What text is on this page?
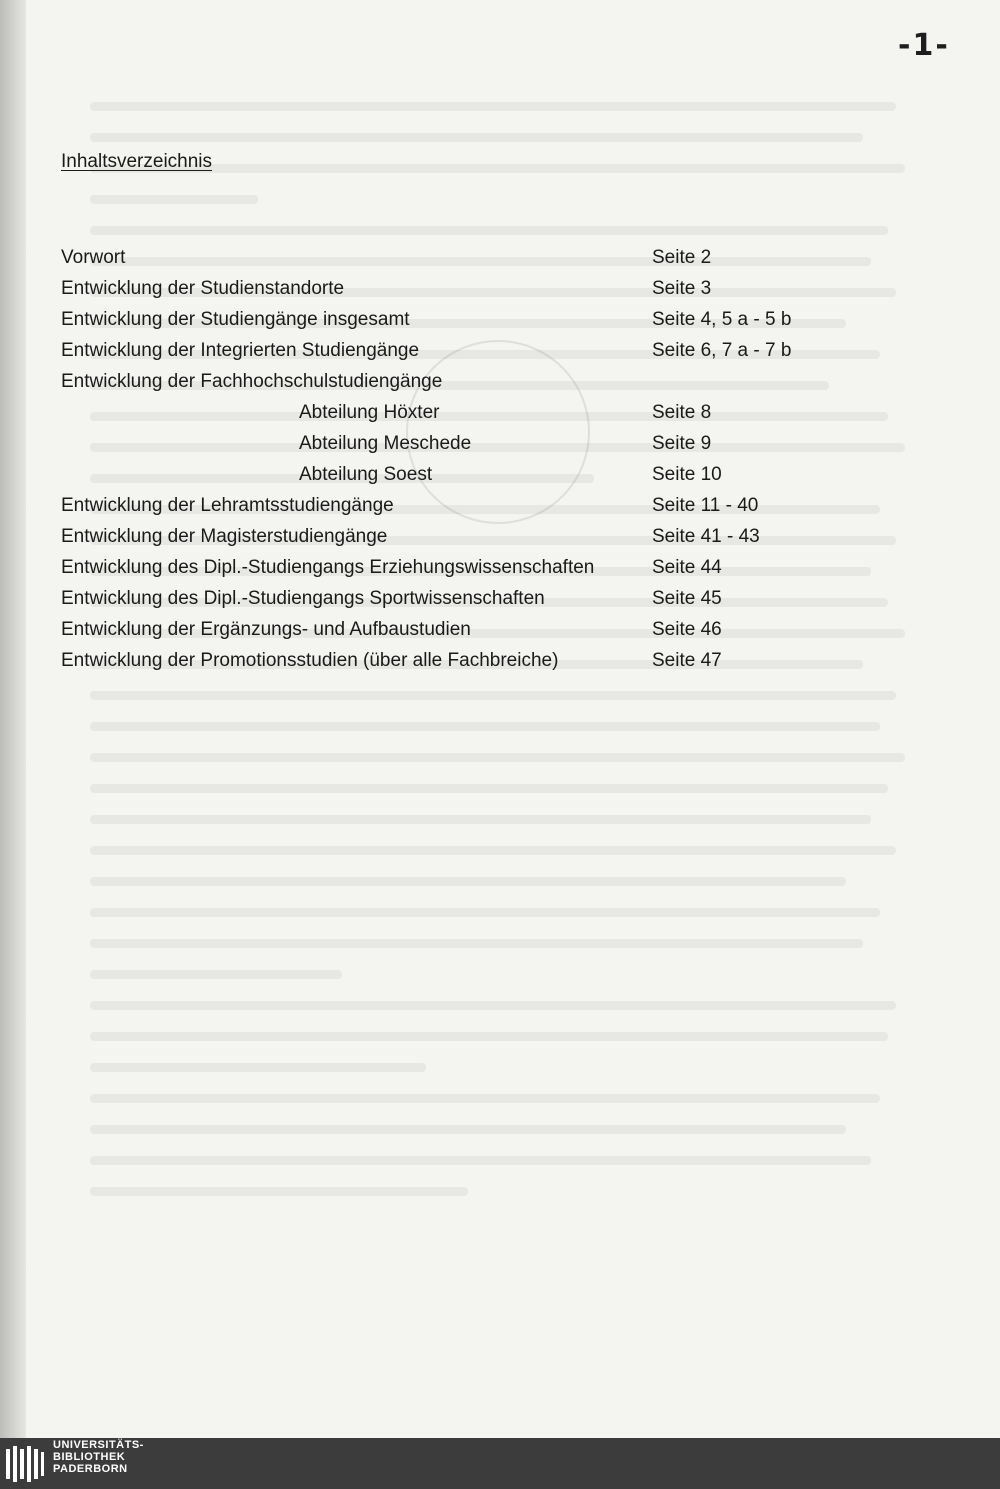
-1-
Inhaltsverzeichnis
Vorwort	Seite 2
Entwicklung der Studienstandorte	Seite 3
Entwicklung der Studiengänge insgesamt	Seite 4, 5 a - 5 b
Entwicklung der Integrierten Studiengänge	Seite 6, 7 a - 7 b
Entwicklung der Fachhochschulstudiengänge
Abteilung Höxter	Seite 8
Abteilung Meschede	Seite 9
Abteilung Soest	Seite 10
Entwicklung der Lehramtsstudiengänge	Seite 11 - 40
Entwicklung der Magisterstudiengänge	Seite 41 - 43
Entwicklung des Dipl.-Studiengangs Erziehungswissenschaften	Seite 44
Entwicklung des Dipl.-Studiengangs Sportwissenschaften	Seite 45
Entwicklung der Ergänzungs- und Aufbaustudien	Seite 46
Entwicklung der Promotionsstudien (über alle Fachbreiche)	Seite 47
UNIVERSITÄTS-
BIBLIOTHEK
PADERBORN
